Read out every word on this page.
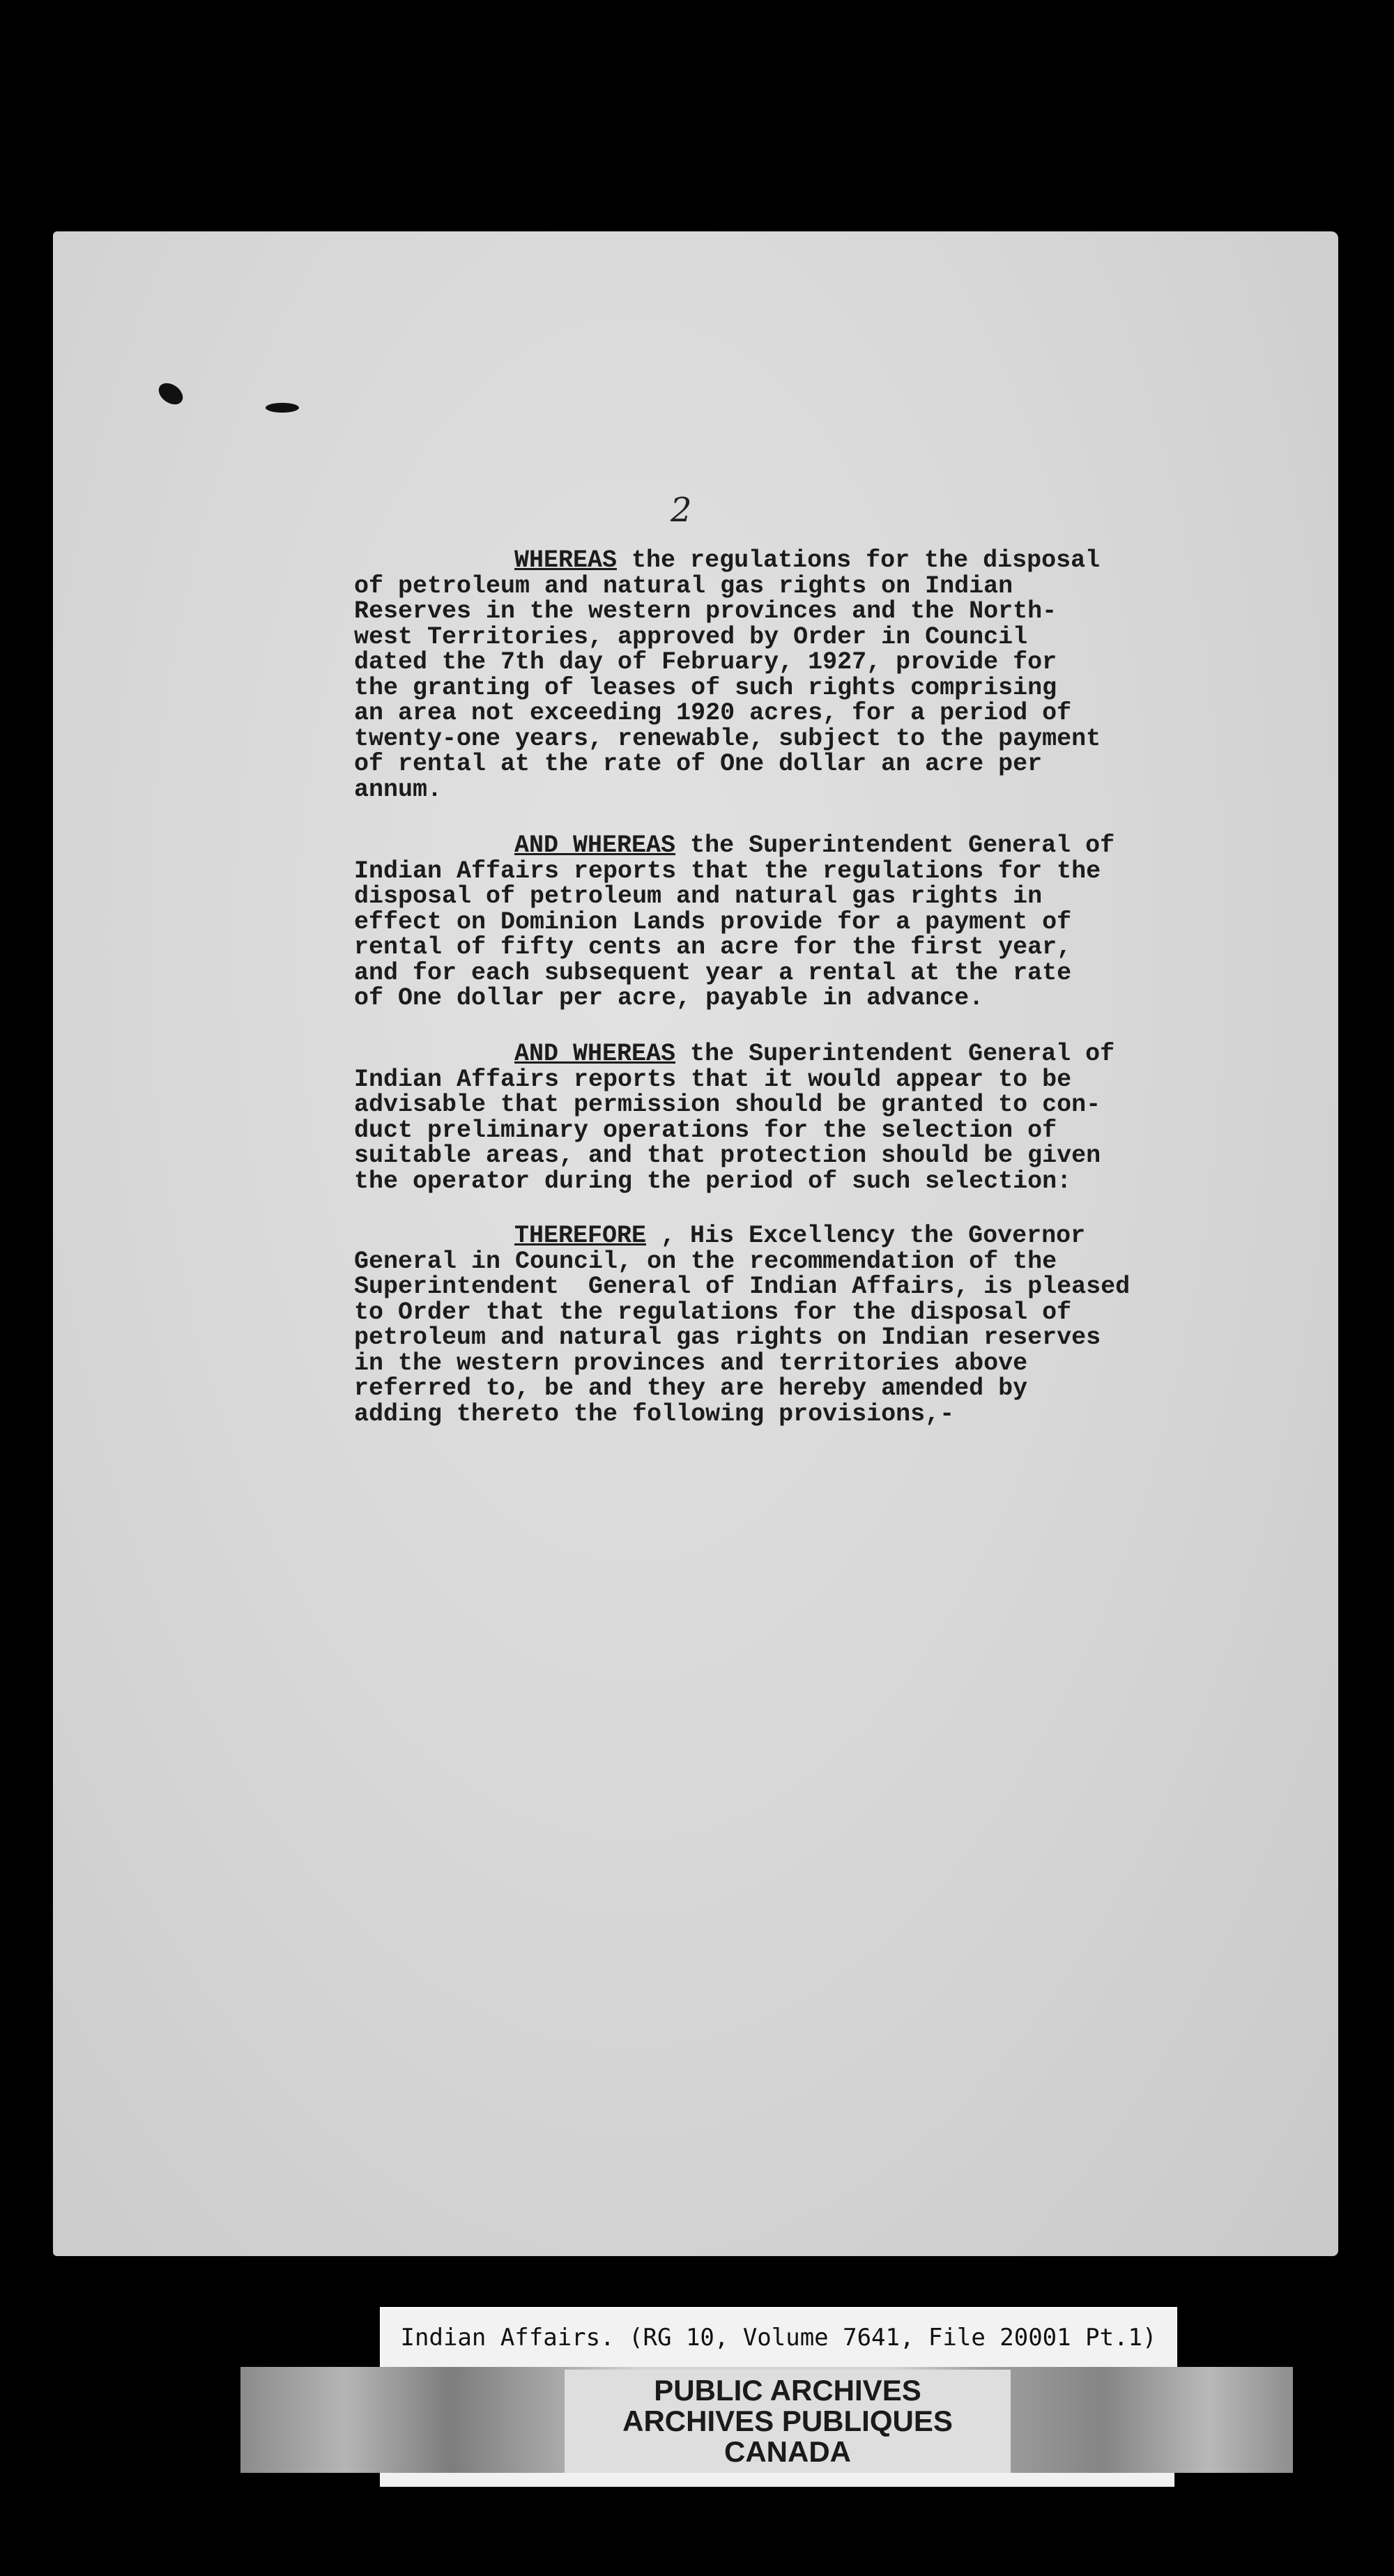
2
WHEREAS the regulations for the disposal
of petroleum and natural gas rights on Indian
Reserves in the western provinces and the North-
west Territories, approved by Order in Council
dated the 7th day of February, 1927, provide for
the granting of leases of such rights comprising
an area not exceeding 1920 acres, for a period of
twenty-one years, renewable, subject to the payment
of rental at the rate of One dollar an acre per
annum.
AND WHEREAS the Superintendent General of
Indian Affairs reports that the regulations for the
disposal of petroleum and natural gas rights in
effect on Dominion Lands provide for a payment of
rental of fifty cents an acre for the first year,
and for each subsequent year a rental at the rate
of One dollar per acre, payable in advance.
AND WHEREAS the Superintendent General of
Indian Affairs reports that it would appear to be
advisable that permission should be granted to con-
duct preliminary operations for the selection of
suitable areas, and that protection should be given
the operator during the period of such selection:
THEREFORE , His Excellency the Governor
General in Council, on the recommendation of the
Superintendent  General of Indian Affairs, is pleased
to Order that the regulations for the disposal of
petroleum and natural gas rights on Indian reserves
in the western provinces and territories above
referred to, be and they are hereby amended by
adding thereto the following provisions,-
Indian Affairs. (RG 10, Volume 7641, File 20001 Pt.1)
PUBLIC ARCHIVES
ARCHIVES PUBLIQUES
CANADA
